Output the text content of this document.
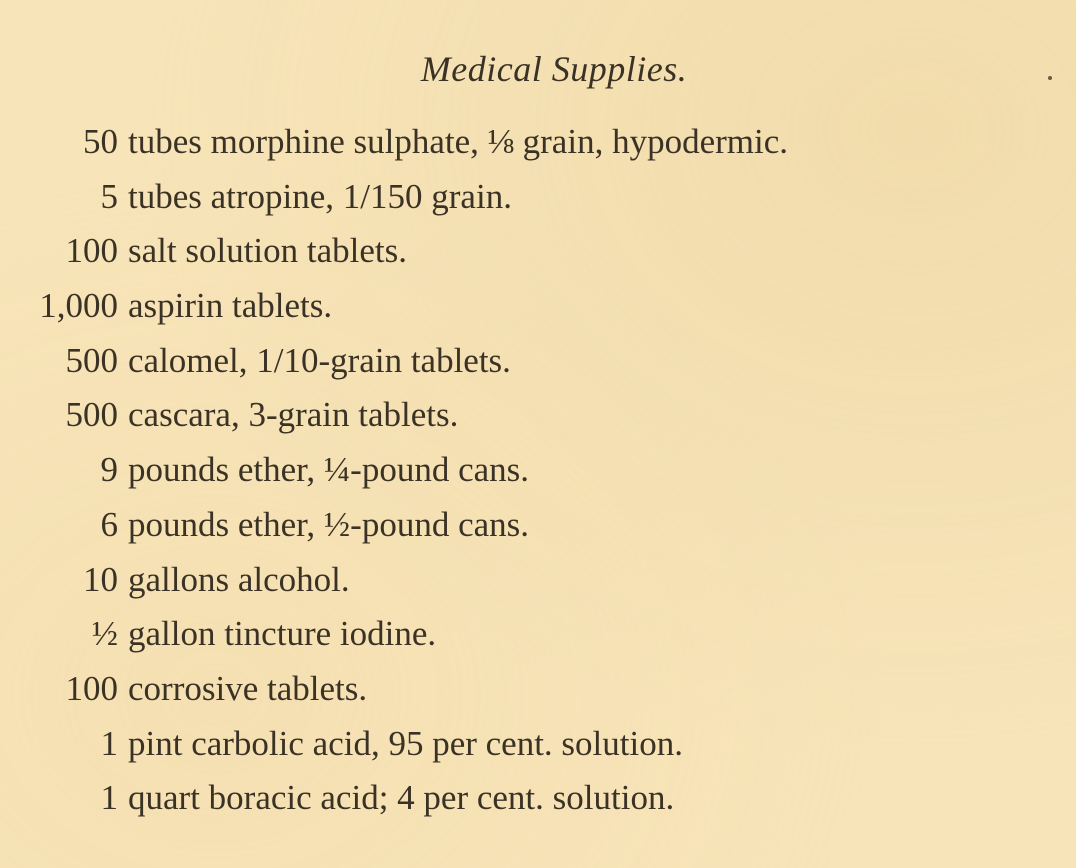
Medical Supplies.
50 tubes morphine sulphate, ⅛ grain, hypodermic.
5 tubes atropine, 1/150 grain.
100 salt solution tablets.
1,000 aspirin tablets.
500 calomel, 1/10-grain tablets.
500 cascara, 3-grain tablets.
9 pounds ether, ¼-pound cans.
6 pounds ether, ½-pound cans.
10 gallons alcohol.
½ gallon tincture iodine.
100 corrosive tablets.
1 pint carbolic acid, 95 per cent. solution.
1 quart boracic acid; 4 per cent. solution.
